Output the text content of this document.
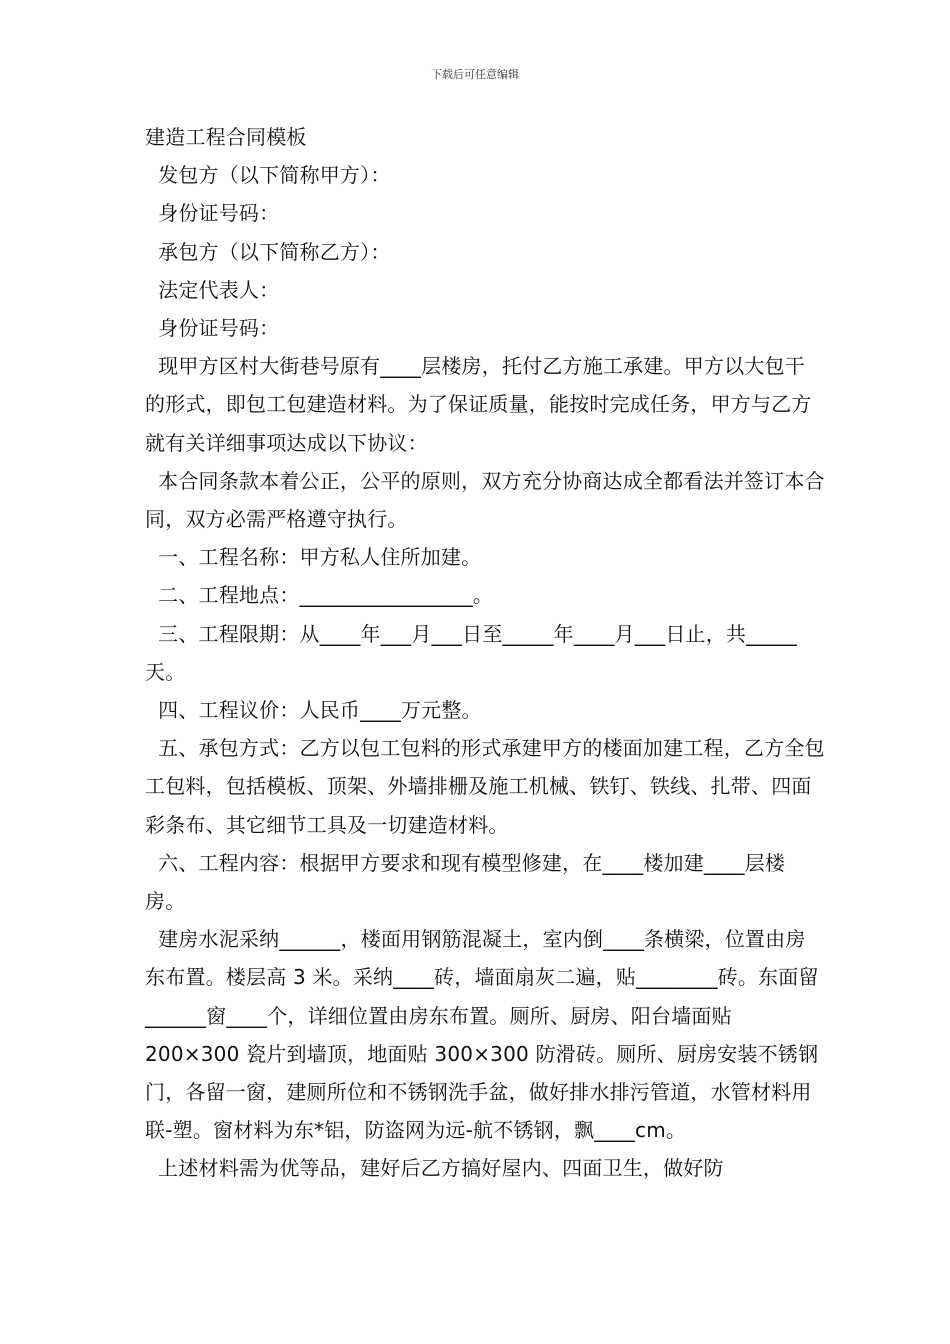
下载后可任意编辑

建造工程合同模板

发包方（以下简称甲方）：

身份证号码：

承包方（以下简称乙方）：

法定代表人：

身份证号码：

现甲方区村大街巷号原有____层楼房，托付乙方施工承建。甲方以大包干的形式，即包工包建造材料。为了保证质量，能按时完成任务，甲方与乙方就有关详细事项达成以下协议：

本合同条款本着公正，公平的原则，双方充分协商达成全都看法并签订本合同，双方必需严格遵守执行。

一、工程名称：甲方私人住所加建。

二、工程地点：_________________。

三、工程限期：从____年___月___日至_____年____月___日止，共_____天。

四、工程议价：人民币____万元整。

五、承包方式：乙方以包工包料的形式承建甲方的楼面加建工程，乙方全包工包料，包括模板、顶架、外墙排栅及施工机械、铁钉、铁线、扎带、四面彩条布、其它细节工具及一切建造材料。

六、工程内容：根据甲方要求和现有模型修建，在____楼加建____层楼房。

建房水泥采纳______，楼面用钢筋混凝土，室内倒____条横梁，位置由房东布置。楼层高 3 米。采纳____砖，墙面扇灰二遍，贴________砖。东面留______窗____个，详细位置由房东布置。厕所、厨房、阳台墙面贴 200×300 瓷片到墙顶，地面贴 300×300 防滑砖。厕所、厨房安装不锈钢门，各留一窗，建厕所位和不锈钢洗手盆，做好排水排污管道，水管材料用联-塑。窗材料为东*铝，防盗网为远-航不锈钢，飘____cm。

上述材料需为优等品，建好后乙方搞好屋内、四面卫生，做好防
